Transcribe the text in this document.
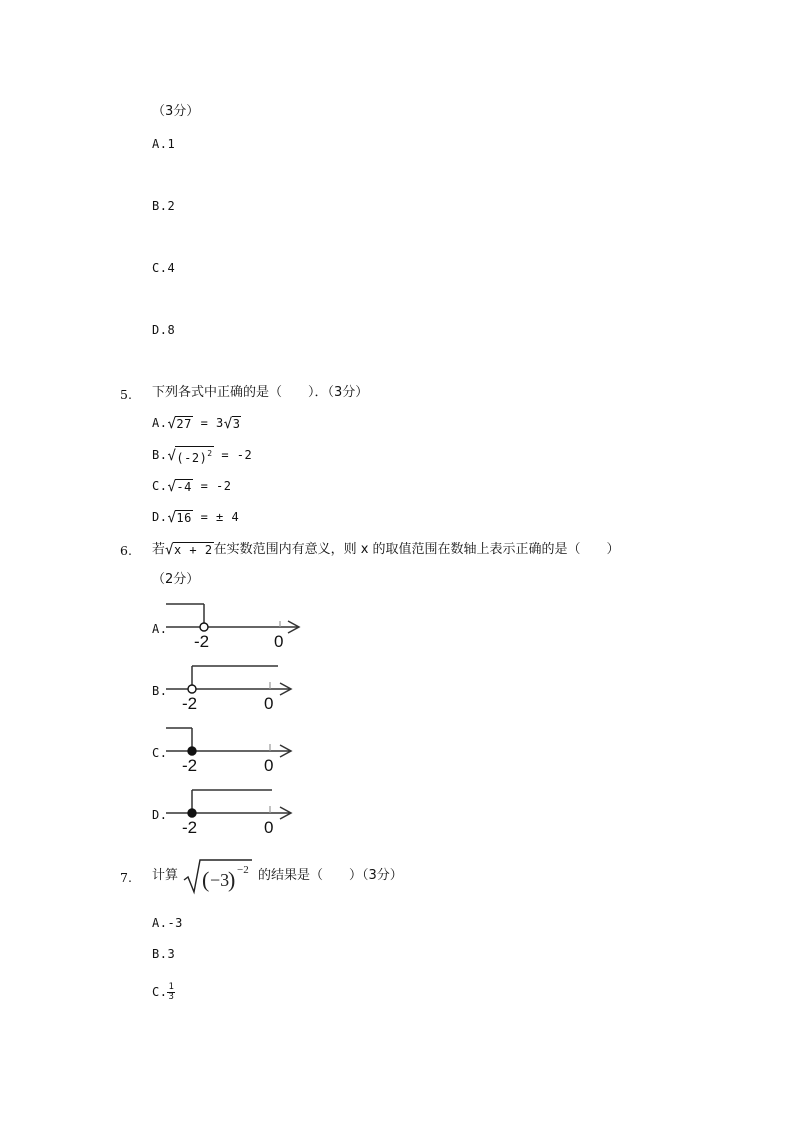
（3分）
A.1
B.2
C.4
D.8
5. 下列各式中正确的是（　　）．（3分）
A.√27 = 3√3
$B.√(-2)^2 = -2$
C.√-4 = -2
D.√16 = ± 4
6. 若√x + 2在实数范围内有意义，则 x 的取值范围在数轴上表示正确的是（　　）
（2分）
A.
-2	0
B.
-2	0
C.
-2	0
D.
-2	0
7. 计算 ( −3
) −2 的结果是（　　）（3分）
A.-3
B.3
C. $\frac{1}{3}$
